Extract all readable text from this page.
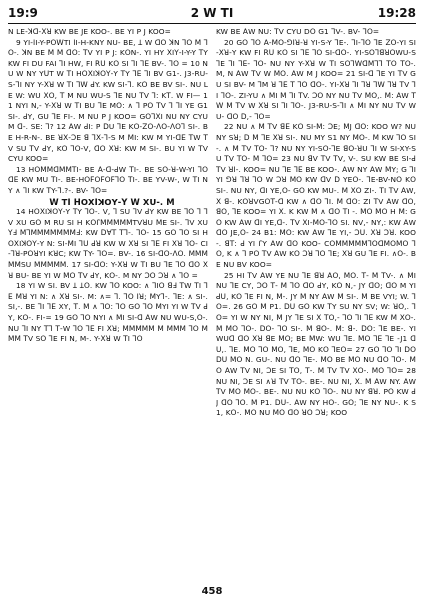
2 W TI
19:9	19:28

N LE-ꓘꓷ-ꓫꓤ KW BE JE KOO-. BE YI P J KOO=

9 YI-ꓲI-Y-PꓳꓪTI ꓲI-H-KNY NU- BE, Ʇ W ꓷꓳ ꓘN ꓶꓳ ꓟ ꓶꓳ-. ꓘN BE ꓟ ꓟ ꓷꓳ: ꓔV YI P J: KꓳN-. YI HY ꓫIꓬ-I-Y-Y ꓔY KW FI DU FAI ꓶI HW, FI ꓣꓴ Kꓳ SI ꓶI ꓶꓰ BV-. ꓶꓳ = 10 NU W NY YꓴT W ꓔI HꓳꓫIꓘꓳꓬ-Y ꓔY ꓶꓰ ꓶI BV G1-. J3-RU-S-ꓶI NY Y-ꓫꓤ W ꓔI ꓶꓪ ꓒY. KW SI-ꓶ. Kꓳ BE BV SI-. NU LE W: WU ꓫꓳ, ꓔ M NU WU-S ꓶE NU ꓔV ꓶ: Kꓔ. W FI— 11 NYI N,- Y-ꓫꓤ W ꓔI BU ꓶE Mꓳ: ∧ ꓶ Pꓳ ꓔV ꓶ ꓶI YE G1 SI-. ꓒY, GU ꓶE FI-. M NU P J KOO= GꓳꓶꓫI NU NY CYU M ꓷ-. SE: ꓶ? 12 ꓮW ꓒI: P ꓓU ꓶE Kꓳ-ꓜꓳ-ꓥꓳ-ꓥꓳꓶ SI-. BE H-R-N-. BE ꓤꓫ-ꓛE ꓭ ꓶꓫ-ꓶ-S M ꓟI: KW M YI-ꓷꓰ ꓔW ꓔV SU ꓔV ꓒY, Kꓳ ꓶꓳ-V, ꓷꓳ ꓫꓤ: KW M SI-. BU YI W ꓔV CYU KOO=

13 HꓳꓟꓟꓷꓟꓟꓔI- BE ꓮ-ꓷ-ꓒW ꓔI-. BE Sꓳ-ꓤ-W-YI ꓶꓳ ꓷꓰ KW MU ꓔI-. BE-Hꓳꓝꓳꓝꓳꓝꓶꓳ ꓔI-. BE YV-W-, W ꓔI NY ∧ ꓶI KW ꓔY-ꓶ.?-. BV- ꓶꓳ=

W ꓔI HꓳꓫIꓘꓳꓬ-Y W ꓫꓴ-. M

14 HꓳꓫIꓘꓳꓬ-Y ꓔY ꓶꓳ-. V, ꓶ SU ꓶV ꓒY KW BE ꓶꓳ ꓶ ꓶV XU Gꓳ M RU SI H KꓳꓩꓟꓟꓟꓟꓟTVꓤU ꓟE SI-. ꓶV XU ꓬꓞ ꓟꓶꓟꓟꓟꓟꓟꓟꓟꓞ: KW ꓓꓯꓔ ꓔꓶ-. ꓶꓳ- 15 Gꓳ ꓶꓳ SI HꓳꓫIꓘꓳꓬ-Y N: SI-ꓟI ꓶꓴ ꓒꓤ KW W ꓫꓤ SI ꓶꓰ FI ꓫꓤ ꓶꓳ- CI-ꓶꓤ-PꓳꓤYI KꓤC; KW ꓔY- ꓶꓳ=. BV-. 16 SI-ꓷꓳ-ꓥꓳ. ꓟꓟꓟꓟꓟSU ꓟꓟꓟꓟꓟ. 17 SI-ꓷꓳ: Y-ꓫꓤ W ꓔI BU ꓶE ꓶꓳ ꓷꓳ ꓫꓤ BU- BE YI W ꓟꓳ ꓔV ꓒY, Kꓳ-. M NY ꓛꓳ ꓛꓤ ∧ ꓶꓳ =

18 YI W SI. BV Ʇ Ʇꓳ. KW ꓶꓳ KOO: ∧ ꓶIꓳ ꓭꓞ ꓔW ꓔI ꓶꓰ ꓟꓤ YI N: ∧ ꓫꓤ SI-. M: ∧= ꓶ. ꓶꓳ ꓲꓤ; ꓟYꓶ-. ꓶE: ∧ SI-. SI,-. BE ꓶI ꓶꓰ XY, ꓔ. ꓟ ∧ ꓶꓳ: ꓶꓳ Gꓳ ꓶꓳ ꓟYI YI W ꓔV ꓒY, Kꓳ-. FI-= 19 Gꓳ ꓶꓳ NYI ∧ ꓟI SI-ꓷ ꓮW NU WU-S,ꓳ-. NU ꓶI NY ꓔꓶ ꓔ-W ꓶꓳ ꓶꓰ FI ꓫꓤ; ꓟꓟꓟꓟꓟ ꓟ ꓟꓟꓟ ꓶꓳ ꓟꓟꓟ ꓔV Sꓳ ꓶE FI N, M-. Y-ꓫꓤ W ꓔI ꓶꓳ

KW BE ꓮW NU: ꓔV CYU Dꓳ G1 ꓶV-. BV- ꓶꓳ=

20 Gꓳ ꓶꓳ ꓮ-ꓟꓳ-ꓨꓲꓤ-ꓤ YI-S-Y ꓶE-. ꓶI-ꓶꓳ ꓶE ꓜꓳ-YI SI-ꓫꓤ-Y KW FI ꓣꓴ Kꓳ SI ꓶꓰ ꓶꓳ SI-ꓷꓳ-. YI-SꓳꓶꓭꓤꓳWU-S ꓶE ꓶI ꓶꓰ- ꓶꓳ- NU NY Y-ꓫꓤ W ꓔI Sꓳꓶꓪꓷꓟꓶꓶ ꓔꓳ ꓔꓳ-. M, N ꓮW ꓔV W ꓟꓳ. ꓮW M J KOO= 21 SI-ꓷ ꓶE YI ꓔV GU SI BV- M ꓶM ꓤ ꓶꓰ ꓔ ꓶꓳ ꓷꓳ-. YI-ꓫꓤ ꓶI ꓶꓤ ꓶꓪ ꓶꓤ ꓔV ꓶI ꓶꓳ-. ZI-YU ∧ ꓟI ꓟ ꓶI ꓔV. ꓛꓳ NY NU ꓔV ꓟꓳ,. ꓟ: ꓮW ꓔꓪ ꓟ ꓔV W ꓫꓤ SI ꓶI ꓶꓳ-. J3-RU-S-ꓶI ∧ ꓟI NY NU ꓔV WU- ꓷꓳ ꓓ,- ꓶꓳ=

22 NU ∧ ꓟ ꓔV ꓭꓰ Kꓳ SI-ꓟ: ꓛE; ꓟJ ꓷꓳ: KOO W? NU NY Sꓤ; ꓓ ꓟ ꓶE ꓫꓤ SI-. NU MY S1 NY ꓟꓳ-. ꓟ KW ꓶꓳ SI-. ∧ ꓟ ꓔV ꓔꓳ- ꓶ? NU NY YI-Sꓳ-ꓶE ꓭꓳ-ꓤU ꓶI W SI-XY-SU ꓔV ꓔꓳ- ꓟ ꓶꓳ= 23 NU ꓭV ꓔV ꓔV, V-. SU KW BE SI-ꓒ ꓔV ꓤꓲ-. KOO= NU ꓶE ꓶꓰ BE KOO-. ꓮW NY ꓮW ꓟY; G ꓶI YI ꓨꓤ ꓶꓤ ꓶꓳ W ꓛꓤ ꓟꓳ KW ꓷV ꓓ YEꓳ-. ꓶE-BV-Nꓳ Kꓳ SI-. NU NY, ꓷI YE,ꓳ- Gꓳ KW MU-. ꓟ ꓫꓳ ZI-. ꓔI ꓔV ꓮW,ꓫ ꓭ-. KꓳꓤVGꓳꓔ-ꓷ KW ∧ ꓷꓳ ꓶI. ꓟ ꓷꓳ: ZI ꓔV ꓮW ꓷꓳ, ꓭꓳ, ꓶE KOO= YI ꓫ. K KW ꓟ ∧ ꓷꓳ ꓔI -. ꓟꓳ ꓟꓳ H ꓟ: Gꓳ KW ꓮW ꓷI YE,ꓷ-. ꓔV ꓫI-ꓟꓳ-ꓶꓳ SI. NV,- NY,: KW ꓮW ꓷꓳ JE,ꓳ- 24 B1: ꓟꓳ: KW ꓮW ꓶE YI,- ꓛꓴ. ꓫꓤ ꓛꓤ. KOO-. ꓭꓔ: ꓒ YI ꓩY ꓮW ꓷꓳ KOO- Cꓳꓟꓟꓟꓟꓟꓶꓳꓷꓟꓳꓟꓳ ꓶꓳ, K ∧ ꓶ Pꓳ ꓔV ꓮW Kꓳ ꓛꓤ ꓶꓳ ꓶE; ꓫꓤ GU ꓶE FI. ∧ꓳ-. BE NU BV KOO=

25 HI ꓔV ꓮW YE NU ꓶE ꓭꓤ ꓮꓳ, ꓟꓳ. ꓔ- ꓟ ꓔV-. ∧ ꓟI NU ꓶE CY, ꓛꓳ ꓔ- ꓟ ꓶꓳ ꓷꓳ ꓒY, Kꓳ N,- JY ꓷꓳ; ꓷꓳ M YI ꓒꓴ, Kꓳ ꓶE FI N, ꓟ-. JY ꓟ NY ꓮW ꓟ SI-. ꓟ BE VYI; W. ꓶꓳ=. 26 Gꓳ ꓟ P1. ꓓꓴ Gꓳ KW ꓔY SU NY SV; W: ꓤꓳ,. ꓶꓳ= YI W NY NI, ꓟ JY ꓶE SI ꓫ ꓔꓳ,- ꓶꓳ ꓶI ꓶꓰ KW ꓟ ꓫꓳ-. ꓟ ꓟꓳ ꓶꓳ-. ꓓꓳ- ꓶꓳ SI-. ꓟ ꓭꓳ-. ꓟ: ꓭ-. ꓓꓳ: ꓶE BE-. YI WUꓷ ꓷꓳ ꓫꓤ ꓭE ꓟꓳ; BE ꓟW: WU ꓶE. ꓟꓳ ꓶꓰ ꓶE -J1 ꓷꓴ,. ꓶE. ꓟꓳ ꓶꓳ ꓟꓳ, ꓶE, ꓟꓳ Kꓳ ꓶEꓳ= 27 Gꓳ ꓶꓳ ꓶI ꓓꓳ ꓓꓴ ꓟꓳ N. GU-. NU ꓷꓳ ꓶE-. ꓟꓳ BE ꓟꓳ NU ꓷꓳ ꓶꓳ-. ꓟꓳ ꓮW ꓔV NI, ꓛE SI ꓔꓳ, ꓔ-. ꓟ ꓔV ꓔV ꓫꓳ-. ꓟꓳ ꓶꓳ= 28 NU NI, ꓛE SI ∧ꓤ ꓔV ꓔꓳ-. BE-. NU NI, ꓫ. ꓟ ꓮW NY. ꓮW ꓔV ꓟꓳ ꓟꓳ-. BE-. NU NU Kꓳ ꓶꓳ-. NU NY ꓭꓤ. Pꓳ KW ꓒ J ꓷꓳ ꓶꓳ. ꓟ P1. ꓓꓴ-. ꓮW NY Hꓳ-. Gꓳ; ꓶE NY NU-. K S1, Kꓳ-. ꓟꓳ NU ꓟꓳ ꓷꓳ ꓤꓳ ꓛꓤ; KOO

458
